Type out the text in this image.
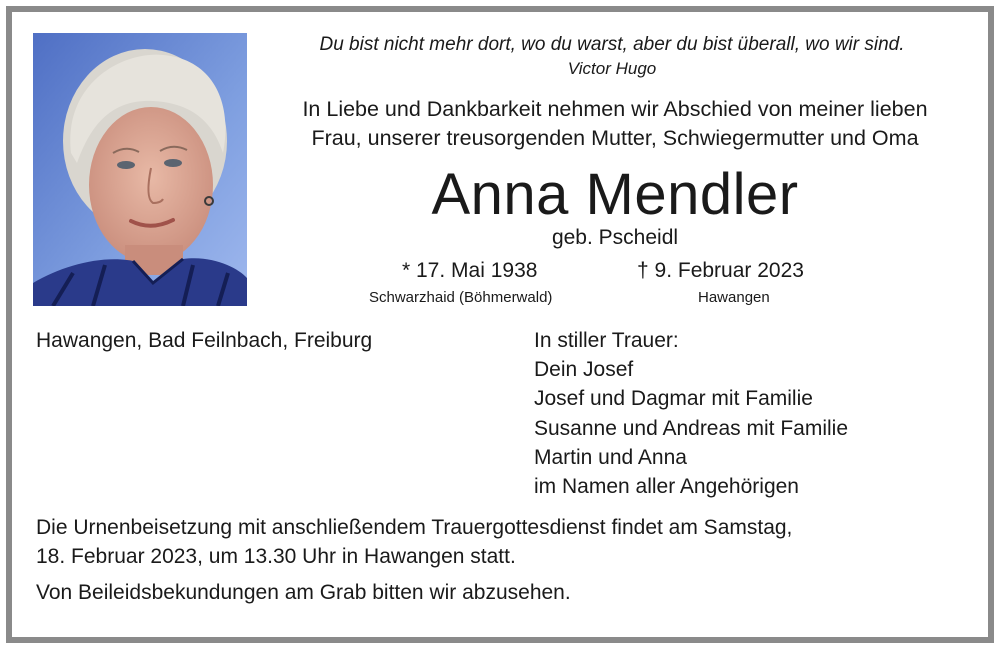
Du bist nicht mehr dort, wo du warst, aber du bist überall, wo wir sind.
Victor Hugo
In Liebe und Dankbarkeit nehmen wir Abschied von meiner lieben
Frau, unserer treusorgenden Mutter, Schwiegermutter und Oma
Anna Mendler
geb. Pscheidl
* 17. Mai 1938	† 9. Februar 2023
Schwarzhaid (Böhmerwald)	Hawangen
Hawangen, Bad Feilnbach, Freiburg	In stiller Trauer:
Dein Josef
Josef und Dagmar mit Familie
Susanne und Andreas mit Familie
Martin und Anna
im Namen aller Angehörigen
Die Urnenbeisetzung mit anschließendem Trauergottesdienst findet am Samstag,
18. Februar 2023, um 13.30 Uhr in Hawangen statt.
Von Beileidsbekundungen am Grab bitten wir abzusehen.
